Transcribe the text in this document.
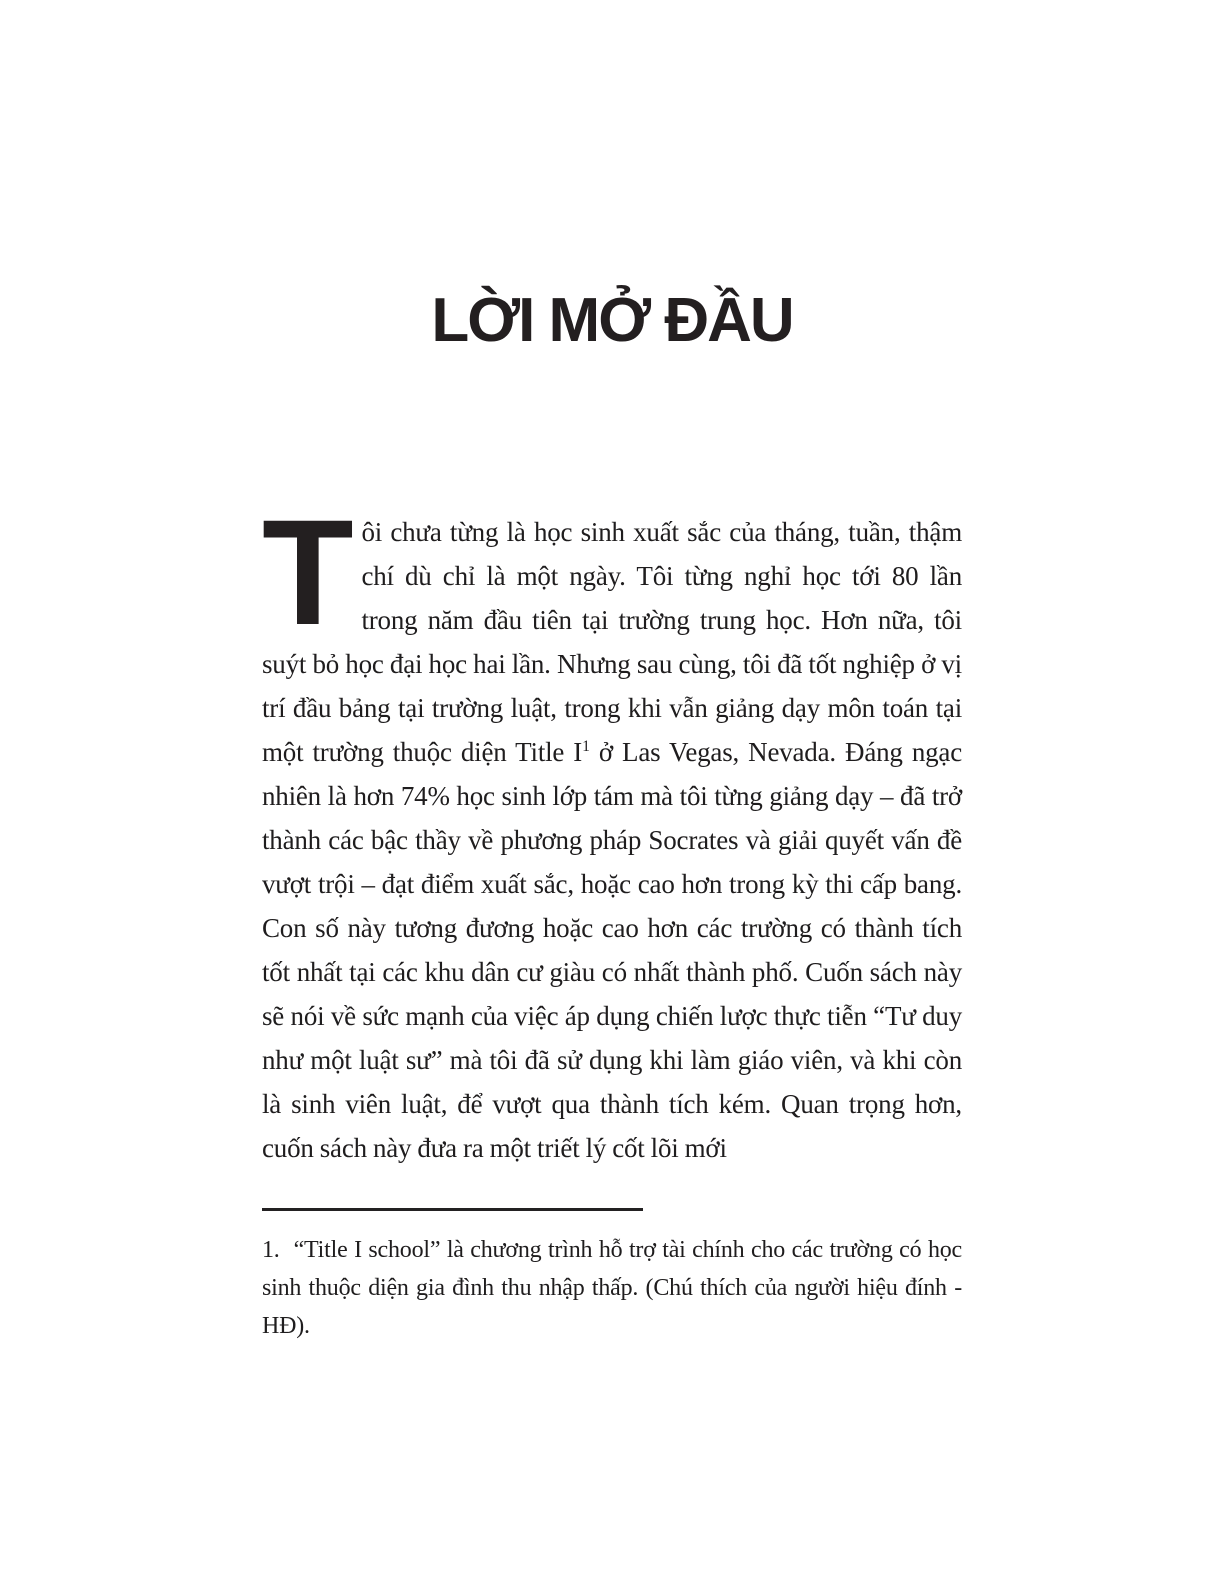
LỜI MỞ ĐẦU

Tôi chưa từng là học sinh xuất sắc của tháng, tuần, thậm chí dù chỉ là một ngày. Tôi từng nghỉ học tới 80 lần trong năm đầu tiên tại trường trung học. Hơn nữa, tôi suýt bỏ học đại học hai lần. Nhưng sau cùng, tôi đã tốt nghiệp ở vị trí đầu bảng tại trường luật, trong khi vẫn giảng dạy môn toán tại một trường thuộc diện Title I$^1$ ở Las Vegas, Nevada. Đáng ngạc nhiên là hơn 74% học sinh lớp tám mà tôi từng giảng dạy – đã trở thành các bậc thầy về phương pháp Socrates và giải quyết vấn đề vượt trội – đạt điểm xuất sắc, hoặc cao hơn trong kỳ thi cấp bang. Con số này tương đương hoặc cao hơn các trường có thành tích tốt nhất tại các khu dân cư giàu có nhất thành phố. Cuốn sách này sẽ nói về sức mạnh của việc áp dụng chiến lược thực tiễn “Tư duy như một luật sư” mà tôi đã sử dụng khi làm giáo viên, và khi còn là sinh viên luật, để vượt qua thành tích kém. Quan trọng hơn, cuốn sách này đưa ra một triết lý cốt lõi mới

1. “Title I school” là chương trình hỗ trợ tài chính cho các trường có học sinh thuộc diện gia đình thu nhập thấp. (Chú thích của người hiệu đính - HĐ).
